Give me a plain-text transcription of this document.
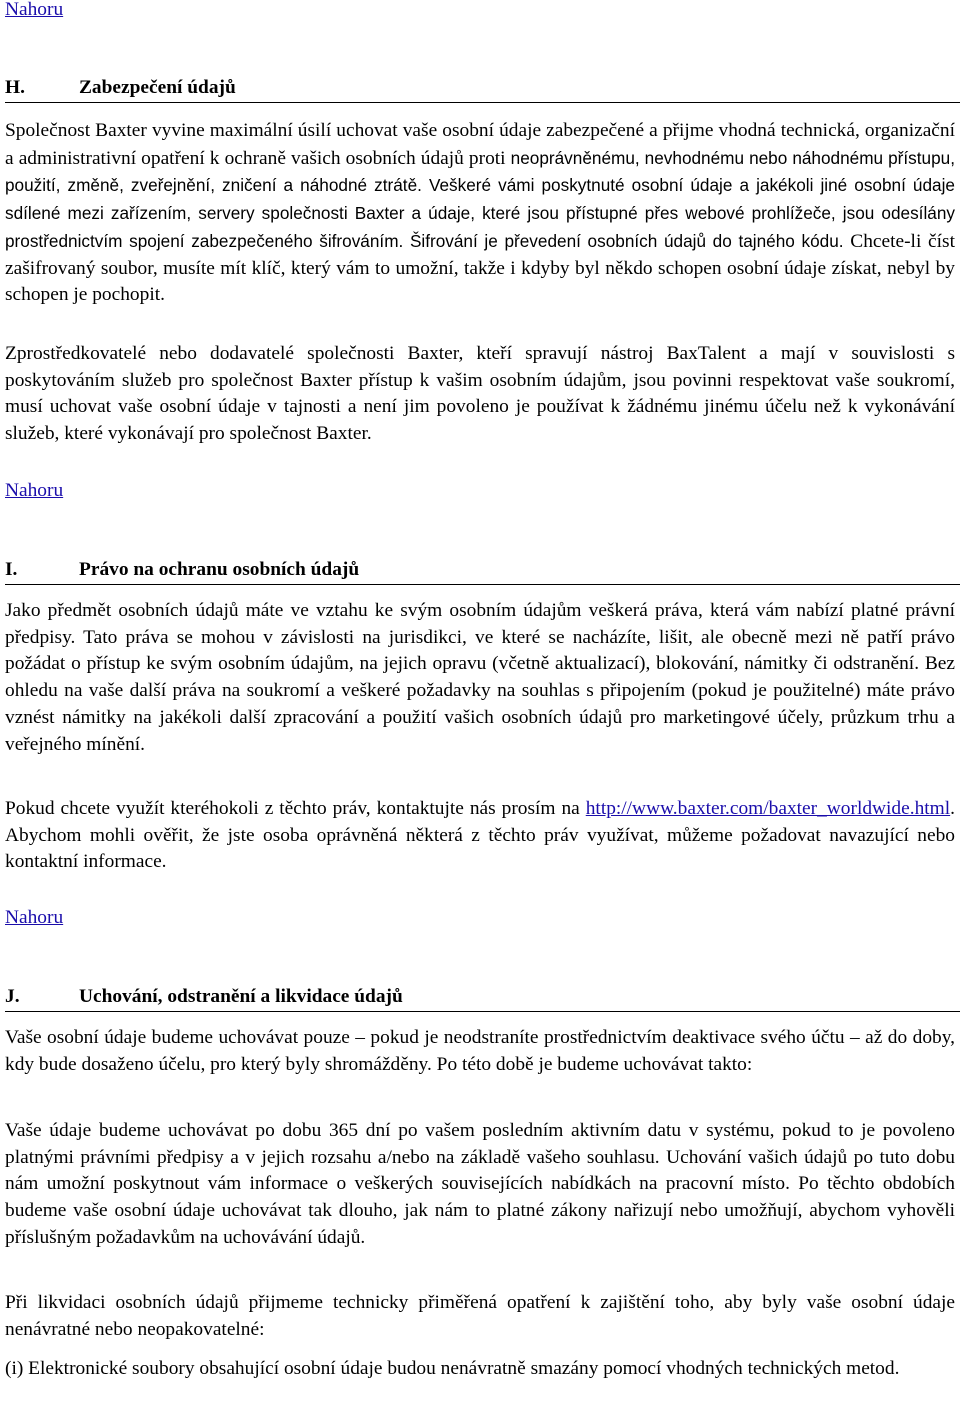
Nahoru
H.	Zabezpečení údajů

Společnost Baxter vyvine maximální úsilí uchovat vaše osobní údaje zabezpečené a přijme vhodná technická, organizační a administrativní opatření k ochraně vašich osobních údajů proti neoprávněnému, nevhodnému nebo náhodnému přístupu, použití, změně, zveřejnění, zničení a náhodné ztrátě. Veškeré vámi poskytnuté osobní údaje a jakékoli jiné osobní údaje sdílené mezi zařízením, servery společnosti Baxter a údaje, které jsou přístupné přes webové prohlížeče, jsou odesílány prostřednictvím spojení zabezpečeného šifrováním. Šifrování je převedení osobních údajů do tajného kódu. Chcete-li číst zašifrovaný soubor, musíte mít klíč, který vám to umožní, takže i kdyby byl někdo schopen osobní údaje získat, nebyl by schopen je pochopit.

Zprostředkovatelé nebo dodavatelé společnosti Baxter, kteří spravují nástroj BaxTalent a mají v souvislosti s poskytováním služeb pro společnost Baxter přístup k vašim osobním údajům, jsou povinni respektovat vaše soukromí, musí uchovat vaše osobní údaje v tajnosti a není jim povoleno je používat k žádnému jinému účelu než k vykonávání služeb, které vykonávají pro společnost Baxter.

Nahoru
I.	Právo na ochranu osobních údajů

Jako předmět osobních údajů máte ve vztahu ke svým osobním údajům veškerá práva, která vám nabízí platné právní předpisy. Tato práva se mohou v závislosti na jurisdikci, ve které se nacházíte, lišit, ale obecně mezi ně patří právo požádat o přístup ke svým osobním údajům, na jejich opravu (včetně aktualizací), blokování, námitky či odstranění. Bez ohledu na vaše další práva na soukromí a veškeré požadavky na souhlas s připojením (pokud je použitelné) máte právo vznést námitky na jakékoli další zpracování a použití vašich osobních údajů pro marketingové účely, průzkum trhu a veřejného mínění.

Pokud chcete využít kteréhokoli z těchto práv, kontaktujte nás prosím na http://www.baxter.com/baxter_worldwide.html. Abychom mohli ověřit, že jste osoba oprávněná některá z těchto práv využívat, můžeme požadovat navazující nebo kontaktní informace.

Nahoru
J.	Uchování, odstranění a likvidace údajů

Vaše osobní údaje budeme uchovávat pouze – pokud je neodstraníte prostřednictvím deaktivace svého účtu – až do doby, kdy bude dosaženo účelu, pro který byly shromážděny. Po této době je budeme uchovávat takto:

Vaše údaje budeme uchovávat po dobu 365 dní po vašem posledním aktivním datu v systému, pokud to je povoleno platnými právními předpisy a v jejich rozsahu a/nebo na základě vašeho souhlasu. Uchování vašich údajů po tuto dobu nám umožní poskytnout vám informace o veškerých souvisejících nabídkách na pracovní místo. Po těchto obdobích budeme vaše osobní údaje uchovávat tak dlouho, jak nám to platné zákony nařizují nebo umožňují, abychom vyhověli příslušným požadavkům na uchovávání údajů.

Při likvidaci osobních údajů přijmeme technicky přiměřená opatření k zajištění toho, aby byly vaše osobní údaje nenávratné nebo neopakovatelné:

(i) Elektronické soubory obsahující osobní údaje budou nenávratně smazány pomocí vhodných technických metod.
